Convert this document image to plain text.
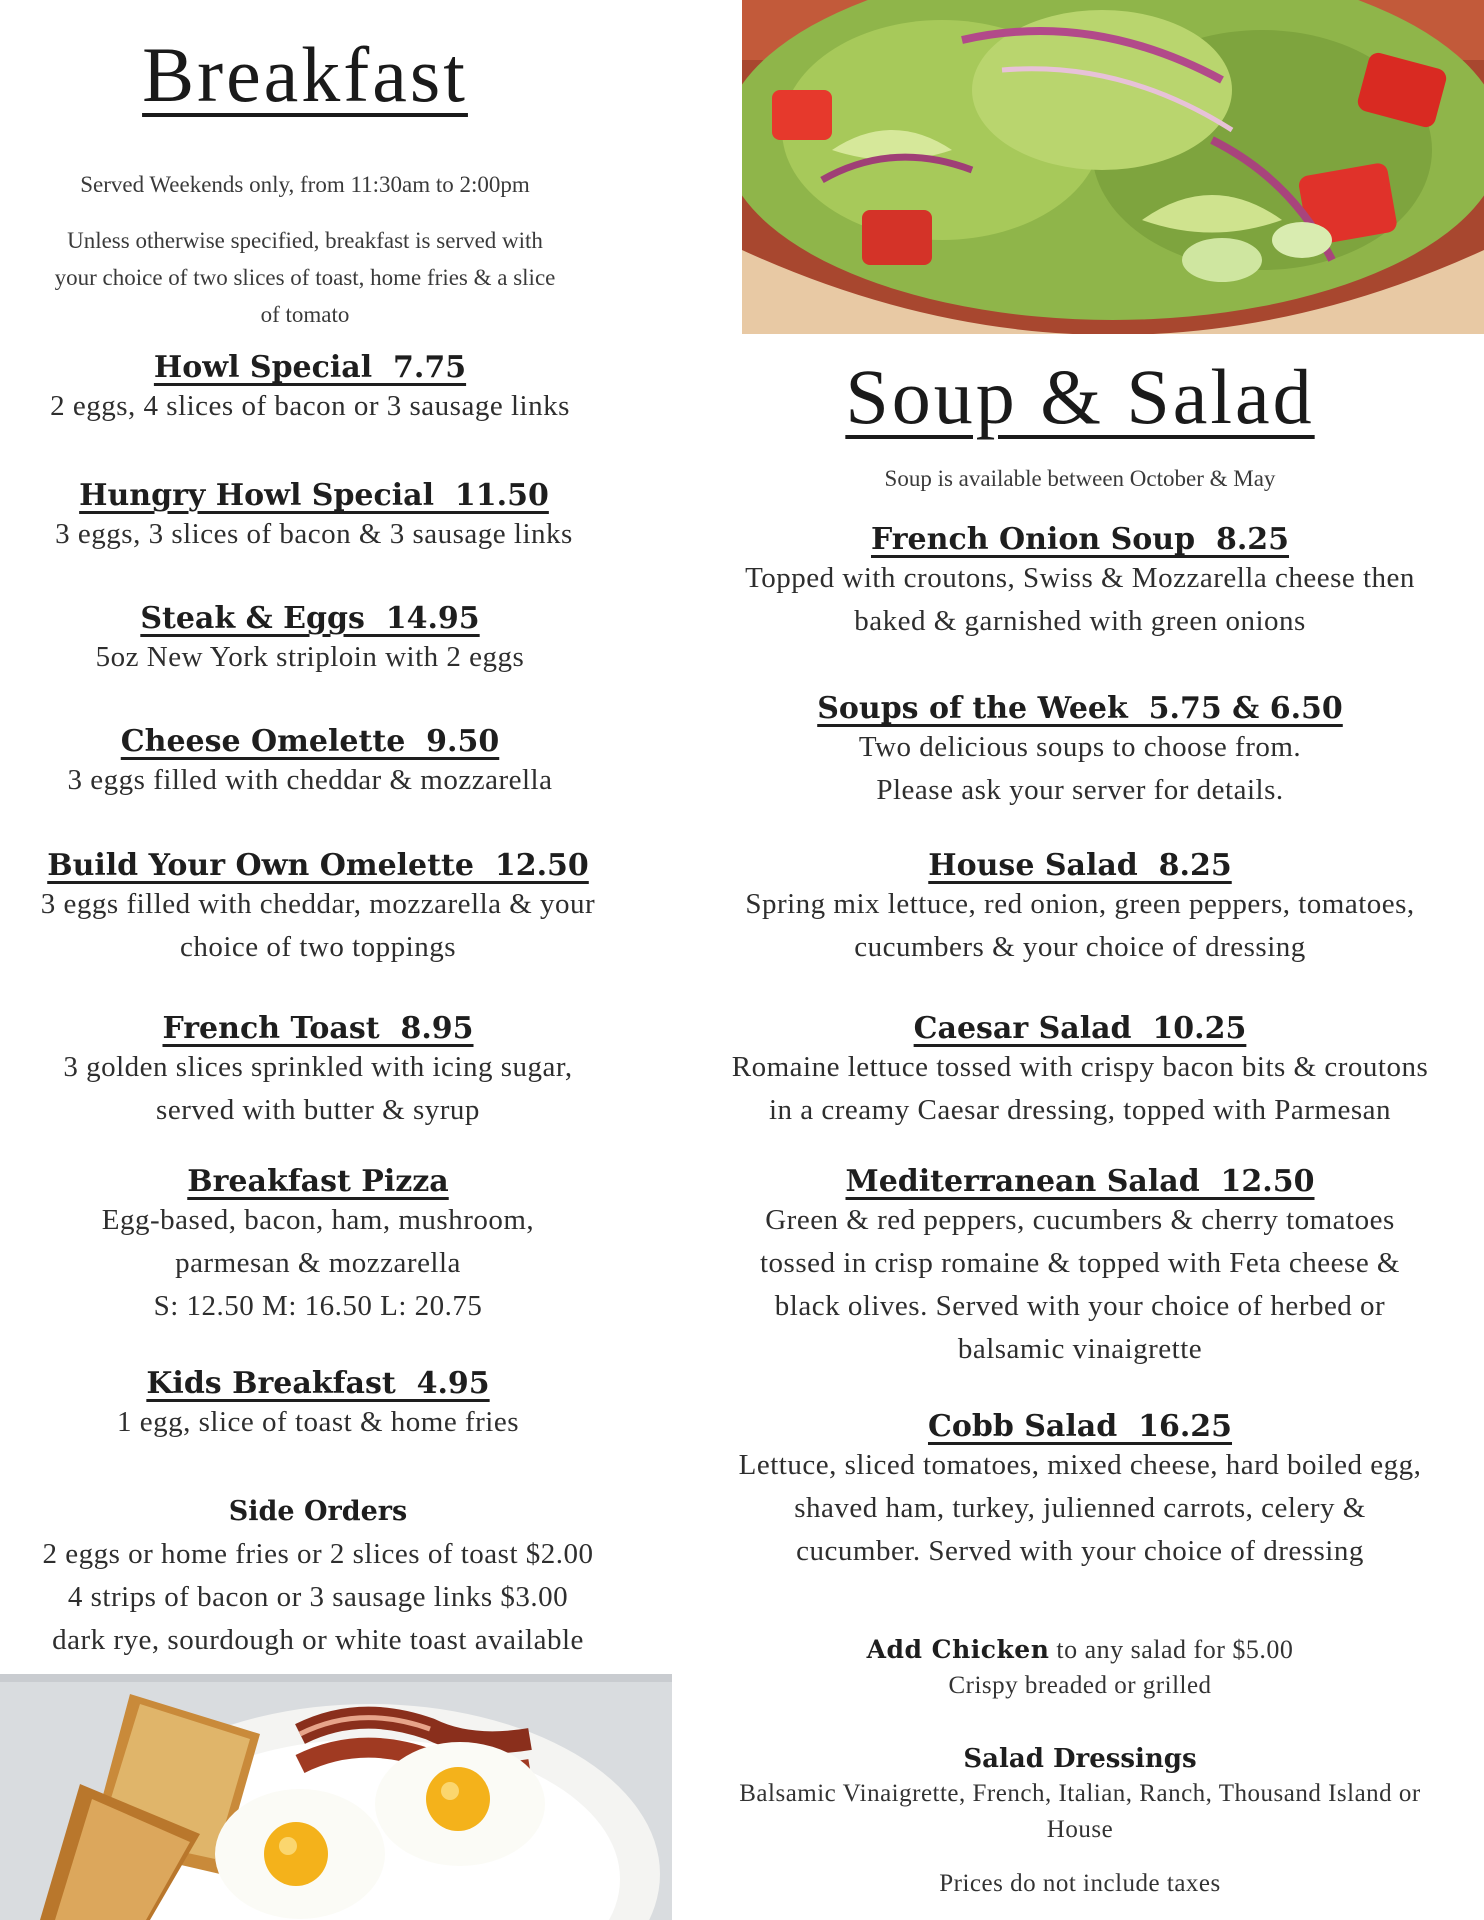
Breakfast
Served Weekends only, from 11:30am to 2:00pm
Unless otherwise specified, breakfast is served with
your choice of two slices of toast, home fries & a slice
of tomato
Howl Special  7.75
2 eggs, 4 slices of bacon or 3 sausage links
Hungry Howl Special  11.50
3 eggs, 3 slices of bacon & 3 sausage links
Steak & Eggs  14.95
5oz New York striploin with 2 eggs
Cheese Omelette  9.50
3 eggs filled with cheddar & mozzarella
Build Your Own Omelette  12.50
3 eggs filled with cheddar, mozzarella & your
choice of two toppings
French Toast  8.95
3 golden slices sprinkled with icing sugar,
served with butter & syrup
Breakfast Pizza
Egg-based, bacon, ham, mushroom,
parmesan & mozzarella
S: 12.50 M: 16.50 L: 20.75
Kids Breakfast  4.95
1 egg, slice of toast & home fries
Side Orders
2 eggs or home fries or 2 slices of toast $2.00
4 strips of bacon or 3 sausage links $3.00
dark rye, sourdough or white toast available
Soup & Salad
Soup is available between October & May
French Onion Soup  8.25
Topped with croutons, Swiss & Mozzarella cheese then
baked & garnished with green onions
Soups of the Week  5.75 & 6.50
Two delicious soups to choose from.
Please ask your server for details.
House Salad  8.25
Spring mix lettuce, red onion, green peppers, tomatoes,
cucumbers & your choice of dressing
Caesar Salad  10.25
Romaine lettuce tossed with crispy bacon bits & croutons
in a creamy Caesar dressing, topped with Parmesan
Mediterranean Salad  12.50
Green & red peppers, cucumbers & cherry tomatoes
tossed in crisp romaine & topped with Feta cheese &
black olives. Served with your choice of herbed or
balsamic vinaigrette
Cobb Salad  16.25
Lettuce, sliced tomatoes, mixed cheese, hard boiled egg,
shaved ham, turkey, julienned carrots, celery &
cucumber. Served with your choice of dressing
Add Chicken to any salad for $5.00
Crispy breaded or grilled
Salad Dressings
Balsamic Vinaigrette, French, Italian, Ranch, Thousand Island or
House
Prices do not include taxes
